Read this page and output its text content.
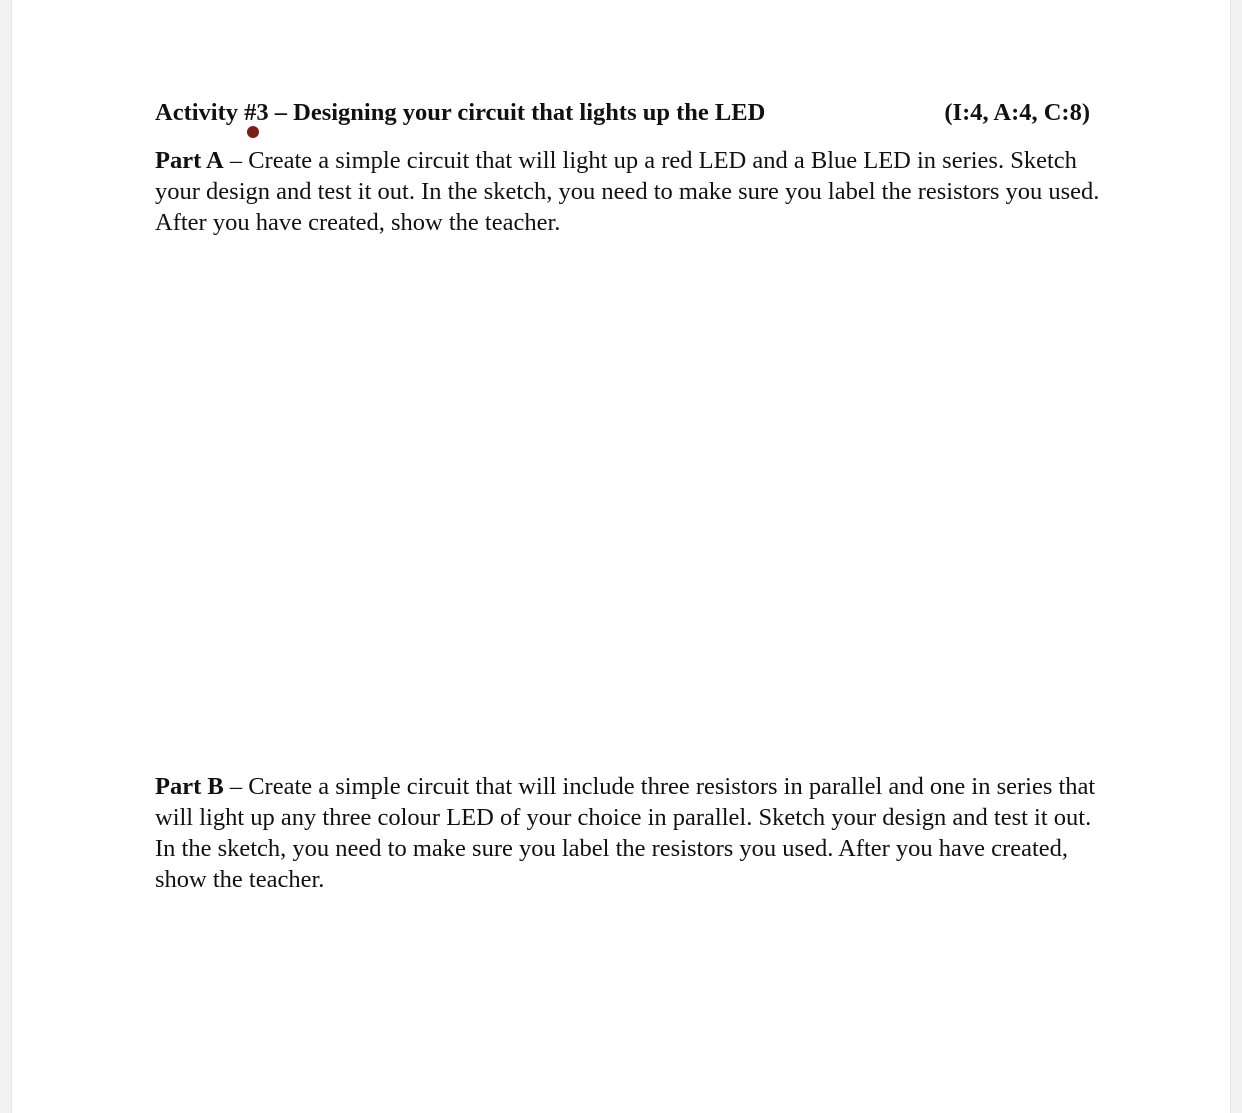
Activity #3 – Designing your circuit that lights up the LED	(I:4, A:4, C:8)

Part A – Create a simple circuit that will light up a red LED and a Blue LED in series. Sketch your design and test it out. In the sketch, you need to make sure you label the resistors you used. After you have created, show the teacher.

Part B – Create a simple circuit that will include three resistors in parallel and one in series that will light up any three colour LED of your choice in parallel. Sketch your design and test it out. In the sketch, you need to make sure you label the resistors you used. After you have created, show the teacher.
